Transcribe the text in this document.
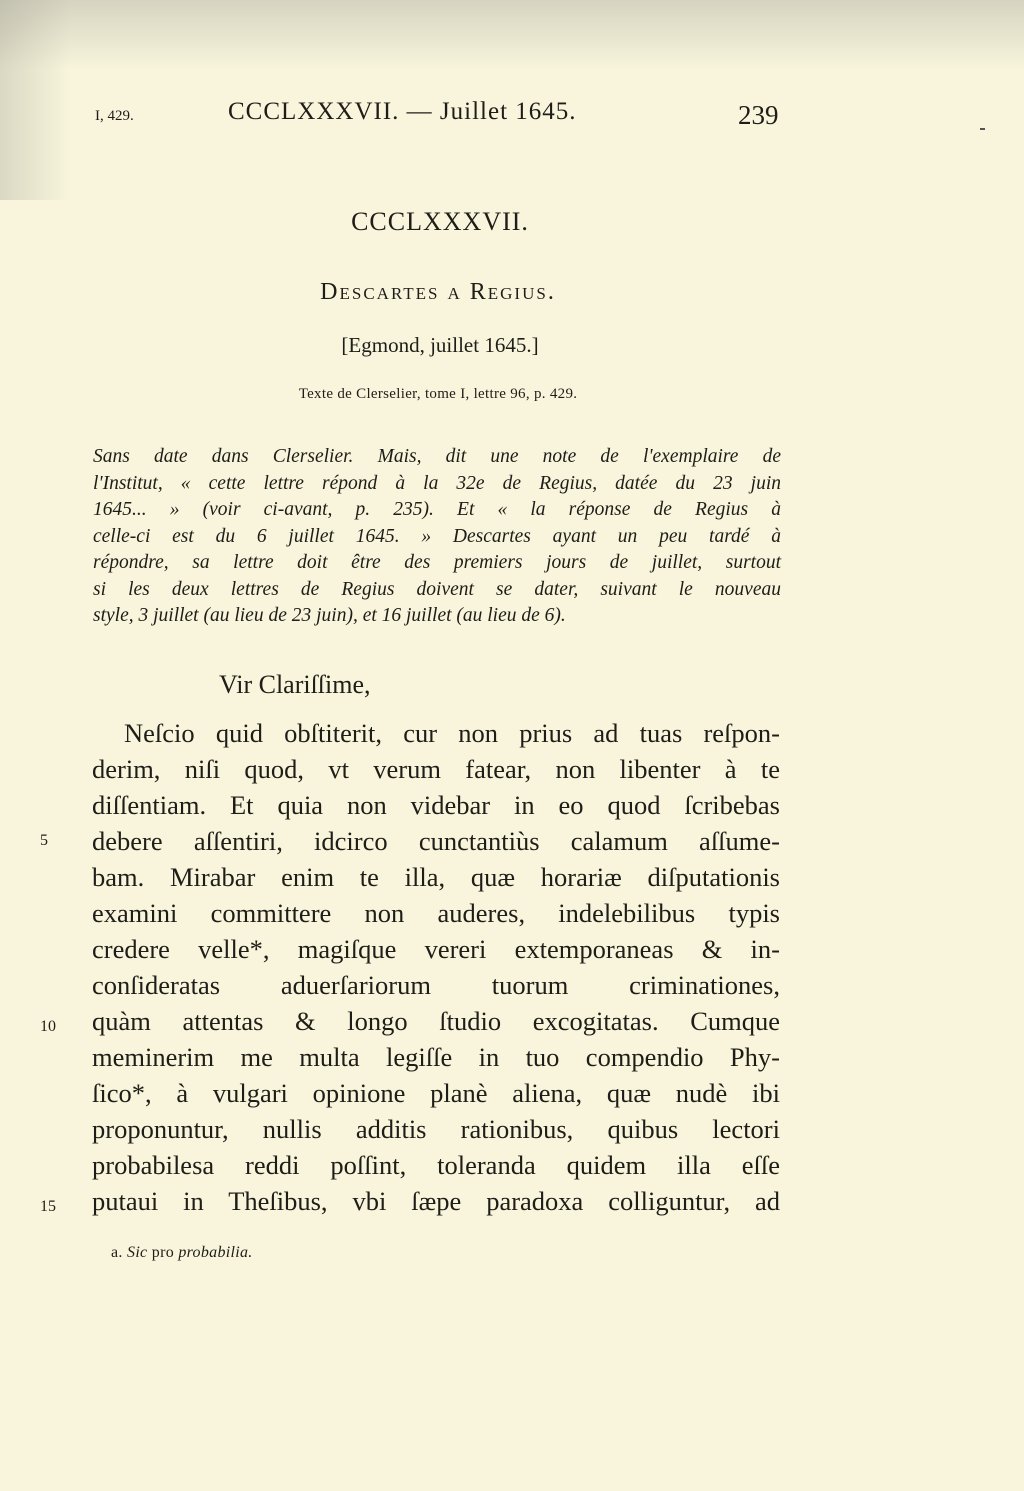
I, 429.	CCCLXXXVII. — Juillet 1645.	239
CCCLXXXVII.
Descartes a Regius.
[Egmond, juillet 1645.]
Texte de Clerselier, tome I, lettre 96, p. 429.
Sans date dans Clerselier. Mais, dit une note de l'exemplaire de
l'Institut, « cette lettre répond à la 32e de Regius, datée du 23 juin
1645... » (voir ci-avant, p. 235). Et « la réponse de Regius à
celle-ci est du 6 juillet 1645. » Descartes ayant un peu tardé à
répondre, sa lettre doit être des premiers jours de juillet, surtout
si les deux lettres de Regius doivent se dater, suivant le nouveau
style, 3 juillet (au lieu de 23 juin), et 16 juillet (au lieu de 6).
Vir Clariſſime,
Neſcio quid obſtiterit, cur non prius ad tuas reſpon-
derim, niſi quod, vt verum fatear, non libenter à te
diſſentiam. Et quia non videbar in eo quod ſcribebas
debere aſſentiri, idcirco cunctantiùs calamum aſſume-
bam. Mirabar enim te illa, quæ horariæ diſputationis
examini committere non auderes, indelebilibus typis
credere velle*, magiſque vereri extemporaneas & in-
conſideratas aduerſariorum tuorum criminationes,
quàm attentas & longo ſtudio excogitatas. Cumque
meminerim me multa legiſſe in tuo compendio Phy-
ſico*, à vulgari opinione planè aliena, quæ nudè ibi
proponuntur, nullis additis rationibus, quibus lectori
probabilesa reddi poſſint, toleranda quidem illa eſſe
putaui in Theſibus, vbi ſæpe paradoxa colliguntur, ad
5
10
15
a. Sic pro probabilia.
